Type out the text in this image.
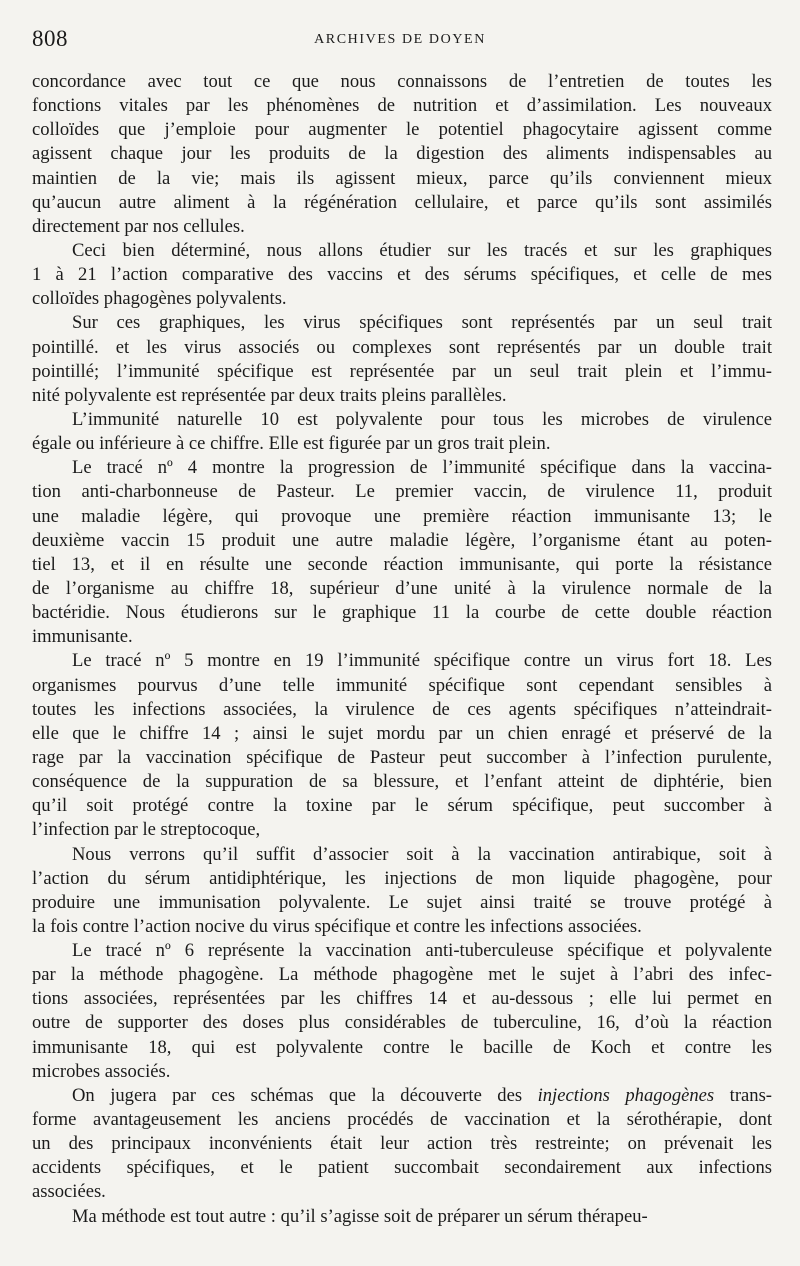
808	ARCHIVES DE DOYEN
concordance avec tout ce que nous connaissons de l’entretien de toutes les
fonctions vitales par les phénomènes de nutrition et d’assimilation. Les nouveaux
colloïdes que j’emploie pour augmenter le potentiel phagocytaire agissent comme
agissent chaque jour les produits de la digestion des aliments indispensables au
maintien de la vie; mais ils agissent mieux, parce qu’ils conviennent mieux
qu’aucun autre aliment à la régénération cellulaire, et parce qu’ils sont assimilés
directement par nos cellules.
Ceci bien déterminé, nous allons étudier sur les tracés et sur les graphiques
1 à 21 l’action comparative des vaccins et des sérums spécifiques, et celle de mes
colloïdes phagogènes polyvalents.
Sur ces graphiques, les virus spécifiques sont représentés par un seul trait
pointillé. et les virus associés ou complexes sont représentés par un double trait
pointillé; l’immunité spécifique est représentée par un seul trait plein et l’immu-
nité polyvalente est représentée par deux traits pleins parallèles.
L’immunité naturelle 10 est polyvalente pour tous les microbes de virulence
égale ou inférieure à ce chiffre. Elle est figurée par un gros trait plein.
Le tracé nº 4 montre la progression de l’immunité spécifique dans la vaccina-
tion anti-charbonneuse de Pasteur. Le premier vaccin, de virulence 11, produit
une maladie légère, qui provoque une première réaction immunisante 13; le
deuxième vaccin 15 produit une autre maladie légère, l’organisme étant au poten-
tiel 13, et il en résulte une seconde réaction immunisante, qui porte la résistance
de l’organisme au chiffre 18, supérieur d’une unité à la virulence normale de la
bactéridie. Nous étudierons sur le graphique 11 la courbe de cette double réaction
immunisante.
Le tracé nº 5 montre en 19 l’immunité spécifique contre un virus fort 18. Les
organismes pourvus d’une telle immunité spécifique sont cependant sensibles à
toutes les infections associées, la virulence de ces agents spécifiques n’atteindrait-
elle que le chiffre 14 ; ainsi le sujet mordu par un chien enragé et préservé de la
rage par la vaccination spécifique de Pasteur peut succomber à l’infection purulente,
conséquence de la suppuration de sa blessure, et l’enfant atteint de diphtérie, bien
qu’il soit protégé contre la toxine par le sérum spécifique, peut succomber à
l’infection par le streptocoque,
Nous verrons qu’il suffit d’associer soit à la vaccination antirabique, soit à
l’action du sérum antidiphtérique, les injections de mon liquide phagogène, pour
produire une immunisation polyvalente. Le sujet ainsi traité se trouve protégé à
la fois contre l’action nocive du virus spécifique et contre les infections associées.
Le tracé nº 6 représente la vaccination anti-tuberculeuse spécifique et polyvalente
par la méthode phagogène. La méthode phagogène met le sujet à l’abri des infec-
tions associées, représentées par les chiffres 14 et au-dessous ; elle lui permet en
outre de supporter des doses plus considérables de tuberculine, 16, d’où la réaction
immunisante 18, qui est polyvalente contre le bacille de Koch et contre les
microbes associés.
On jugera par ces schémas que la découverte des injections phagogènes trans-
forme avantageusement les anciens procédés de vaccination et la sérothérapie, dont
un des principaux inconvénients était leur action très restreinte; on prévenait les
accidents spécifiques, et le patient succombait secondairement aux infections
associées.
Ma méthode est tout autre : qu’il s’agisse soit de préparer un sérum thérapeu-
